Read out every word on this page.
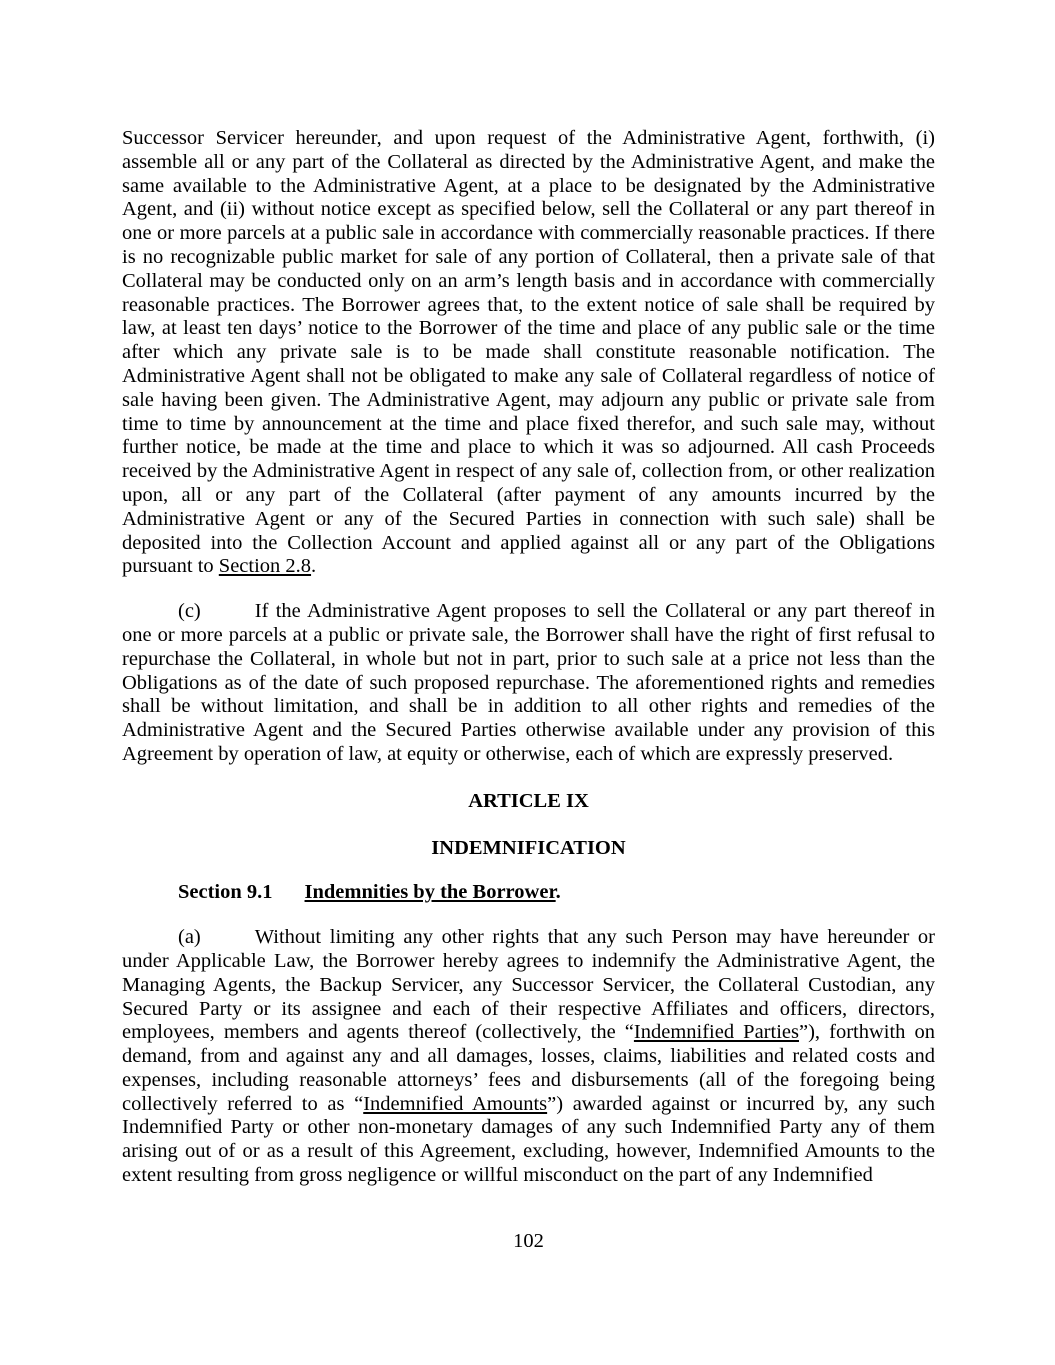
Successor Servicer hereunder, and upon request of the Administrative Agent, forthwith, (i) assemble all or any part of the Collateral as directed by the Administrative Agent, and make the same available to the Administrative Agent, at a place to be designated by the Administrative Agent, and (ii) without notice except as specified below, sell the Collateral or any part thereof in one or more parcels at a public sale in accordance with commercially reasonable practices. If there is no recognizable public market for sale of any portion of Collateral, then a private sale of that Collateral may be conducted only on an arm’s length basis and in accordance with commercially reasonable practices. The Borrower agrees that, to the extent notice of sale shall be required by law, at least ten days’ notice to the Borrower of the time and place of any public sale or the time after which any private sale is to be made shall constitute reasonable notification. The Administrative Agent shall not be obligated to make any sale of Collateral regardless of notice of sale having been given. The Administrative Agent, may adjourn any public or private sale from time to time by announcement at the time and place fixed therefor, and such sale may, without further notice, be made at the time and place to which it was so adjourned. All cash Proceeds received by the Administrative Agent in respect of any sale of, collection from, or other realization upon, all or any part of the Collateral (after payment of any amounts incurred by the Administrative Agent or any of the Secured Parties in connection with such sale) shall be deposited into the Collection Account and applied against all or any part of the Obligations pursuant to Section 2.8.

(c)	If the Administrative Agent proposes to sell the Collateral or any part thereof in one or more parcels at a public or private sale, the Borrower shall have the right of first refusal to repurchase the Collateral, in whole but not in part, prior to such sale at a price not less than the Obligations as of the date of such proposed repurchase. The aforementioned rights and remedies shall be without limitation, and shall be in addition to all other rights and remedies of the Administrative Agent and the Secured Parties otherwise available under any provision of this Agreement by operation of law, at equity or otherwise, each of which are expressly preserved.

ARTICLE IX
INDEMNIFICATION

Section 9.1 Indemnities by the Borrower.

(a)	Without limiting any other rights that any such Person may have hereunder or under Applicable Law, the Borrower hereby agrees to indemnify the Administrative Agent, the Managing Agents, the Backup Servicer, any Successor Servicer, the Collateral Custodian, any Secured Party or its assignee and each of their respective Affiliates and officers, directors, employees, members and agents thereof (collectively, the “Indemnified Parties”), forthwith on demand, from and against any and all damages, losses, claims, liabilities and related costs and expenses, including reasonable attorneys’ fees and disbursements (all of the foregoing being collectively referred to as “Indemnified Amounts”) awarded against or incurred by, any such Indemnified Party or other non-monetary damages of any such Indemnified Party any of them arising out of or as a result of this Agreement, excluding, however, Indemnified Amounts to the extent resulting from gross negligence or willful misconduct on the part of any Indemnified

102
